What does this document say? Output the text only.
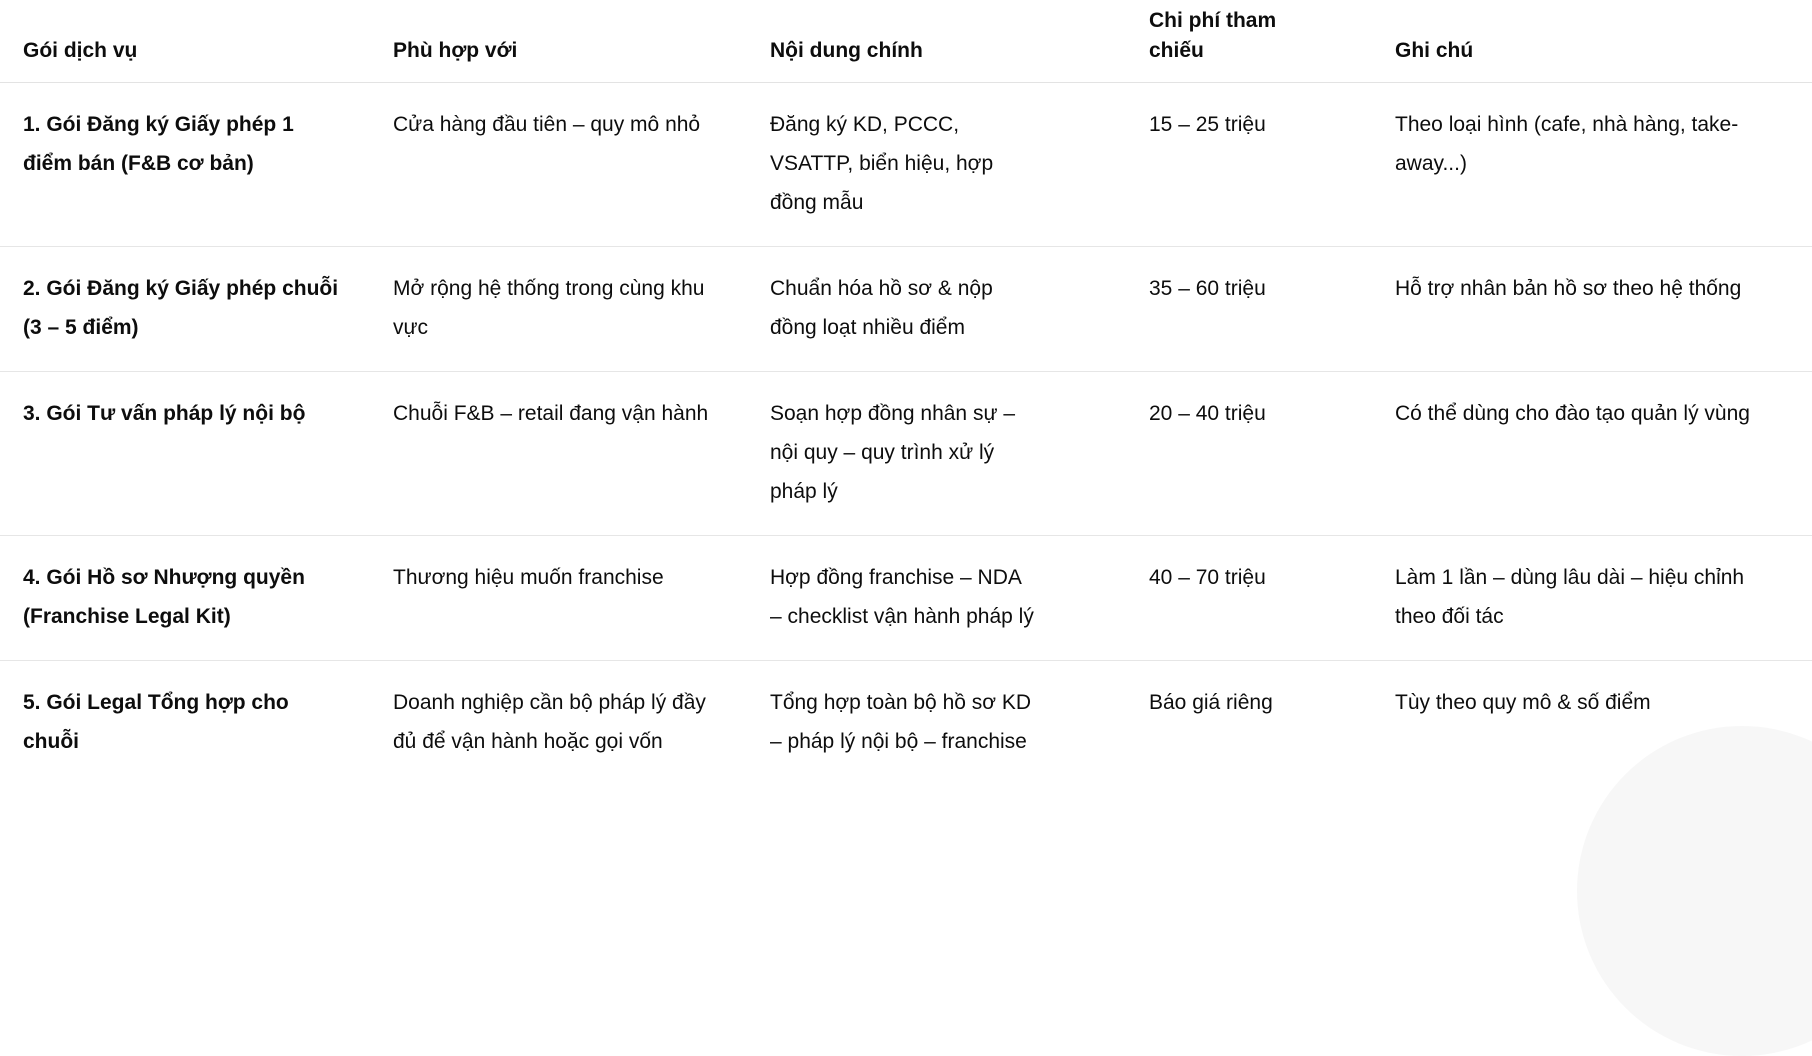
Gói dịch vụ	Phù hợp với	Nội dung chính	Chi phí tham chiếu	Ghi chú
1. Gói Đăng ký Giấy phép 1 điểm bán (F&B cơ bản)	Cửa hàng đầu tiên – quy mô nhỏ	Đăng ký KD, PCCC, VSATTP, biển hiệu, hợp đồng mẫu	15 – 25 triệu	Theo loại hình (cafe, nhà hàng, take-away...)
2. Gói Đăng ký Giấy phép chuỗi (3 – 5 điểm)	Mở rộng hệ thống trong cùng khu vực	Chuẩn hóa hồ sơ & nộp đồng loạt nhiều điểm	35 – 60 triệu	Hỗ trợ nhân bản hồ sơ theo hệ thống
3. Gói Tư vấn pháp lý nội bộ	Chuỗi F&B – retail đang vận hành	Soạn hợp đồng nhân sự – nội quy – quy trình xử lý pháp lý	20 – 40 triệu	Có thể dùng cho đào tạo quản lý vùng
4. Gói Hồ sơ Nhượng quyền (Franchise Legal Kit)	Thương hiệu muốn franchise	Hợp đồng franchise – NDA – checklist vận hành pháp lý	40 – 70 triệu	Làm 1 lần – dùng lâu dài – hiệu chỉnh theo đối tác
5. Gói Legal Tổng hợp cho chuỗi	Doanh nghiệp cần bộ pháp lý đầy đủ để vận hành hoặc gọi vốn	Tổng hợp toàn bộ hồ sơ KD – pháp lý nội bộ – franchise	Báo giá riêng	Tùy theo quy mô & số điểm
